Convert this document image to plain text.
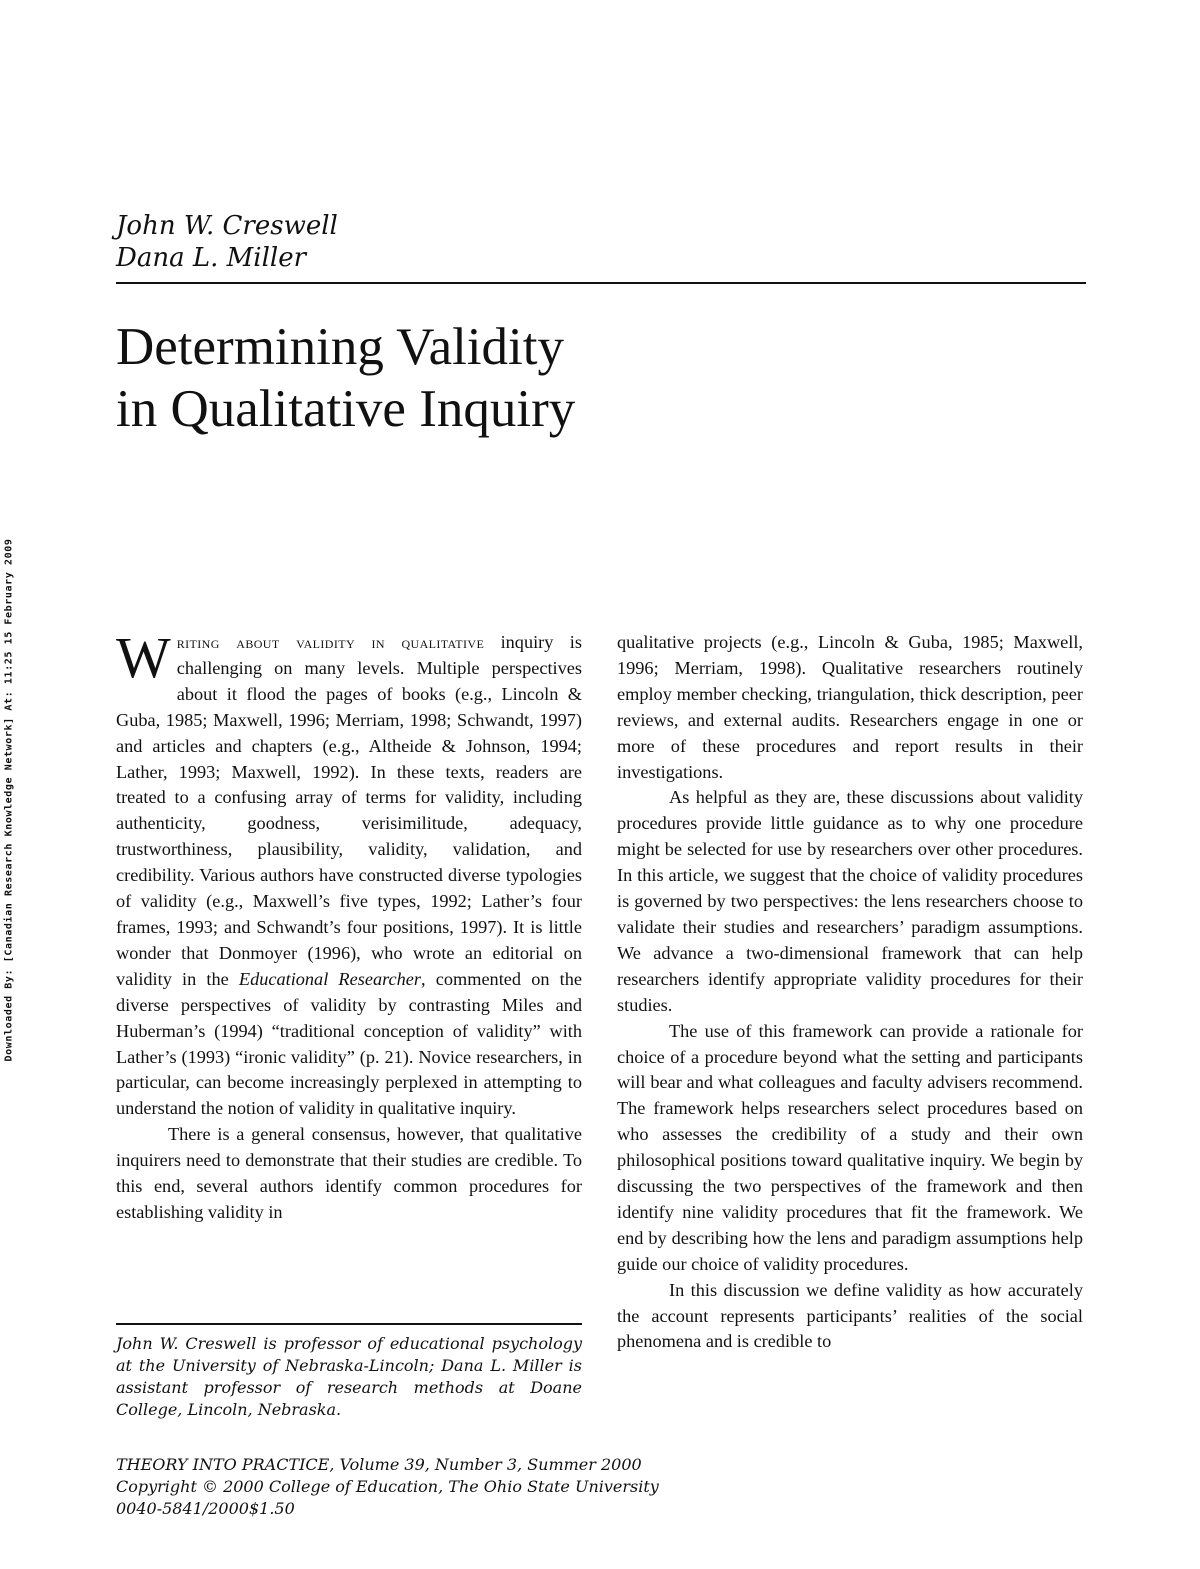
Downloaded By: [Canadian Research Knowledge Network] At: 11:25 15 February 2009
John W. Creswell
Dana L. Miller
Determining Validity
in Qualitative Inquiry

Writing about validity in qualitative inquiry is challenging on many levels. Multiple perspectives about it flood the pages of books (e.g., Lincoln & Guba, 1985; Maxwell, 1996; Merriam, 1998; Schwandt, 1997) and articles and chapters (e.g., Altheide & Johnson, 1994; Lather, 1993; Maxwell, 1992). In these texts, readers are treated to a confusing array of terms for validity, including authenticity, goodness, verisimilitude, adequacy, trustworthiness, plausibility, validity, validation, and credibility. Various authors have constructed diverse typologies of validity (e.g., Maxwell’s five types, 1992; Lather’s four frames, 1993; and Schwandt’s four positions, 1997). It is little wonder that Donmoyer (1996), who wrote an editorial on validity in the Educational Researcher, commented on the diverse perspectives of validity by contrasting Miles and Huberman’s (1994) “traditional conception of validity” with Lather’s (1993) “ironic validity” (p. 21). Novice researchers, in particular, can become increasingly perplexed in attempting to understand the notion of validity in qualitative inquiry.

There is a general consensus, however, that qualitative inquirers need to demonstrate that their studies are credible. To this end, several authors identify common procedures for establishing validity in

qualitative projects (e.g., Lincoln & Guba, 1985; Maxwell, 1996; Merriam, 1998). Qualitative researchers routinely employ member checking, triangulation, thick description, peer reviews, and external audits. Researchers engage in one or more of these procedures and report results in their investigations.

As helpful as they are, these discussions about validity procedures provide little guidance as to why one procedure might be selected for use by researchers over other procedures. In this article, we suggest that the choice of validity procedures is governed by two perspectives: the lens researchers choose to validate their studies and researchers’ paradigm assumptions. We advance a two-dimensional framework that can help researchers identify appropriate validity procedures for their studies.

The use of this framework can provide a rationale for choice of a procedure beyond what the setting and participants will bear and what colleagues and faculty advisers recommend. The framework helps researchers select procedures based on who assesses the credibility of a study and their own philosophical positions toward qualitative inquiry. We begin by discussing the two perspectives of the framework and then identify nine validity procedures that fit the framework. We end by describing how the lens and paradigm assumptions help guide our choice of validity procedures.

In this discussion we define validity as how accurately the account represents participants’ realities of the social phenomena and is credible to

John W. Creswell is professor of educational psychology at the University of Nebraska-Lincoln; Dana L. Miller is assistant professor of research methods at Doane College, Lincoln, Nebraska.
THEORY INTO PRACTICE, Volume 39, Number 3, Summer 2000
Copyright © 2000 College of Education, The Ohio State University
0040-5841/2000$1.50
